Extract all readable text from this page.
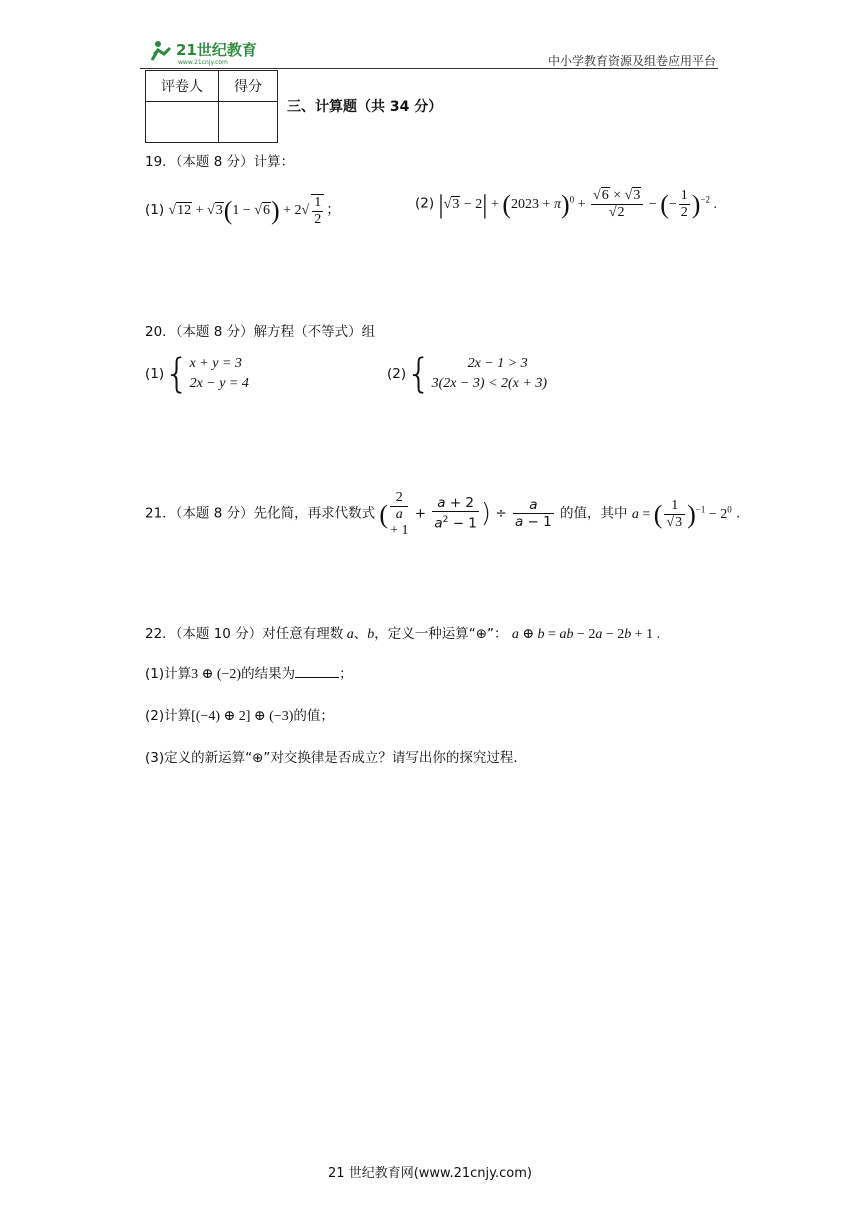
21世纪教育
www.21cnjy.com	中小学教育资源及组卷应用平台
评卷人	得分

三、计算题（共 34 分）
19．（本题 8 分）计算：
(1) $√12 + √3(1 - √6) + 2√ \frac{1}{2}$ ；	(2) $|√3 - 2| + (2023 + \pi)^0 + \frac{√6 \times √3}{√2}$ − (− $\frac{1}{2} )^{-2}$ .
20．（本题 8 分）解方程（不等式）组
(1){ x + y = 3
2x − y = 4
(2){	2x − 1 > 3
3(2x − 3) < 2(x + 3)
21．（本题 8 分）先化简，再求代数式 (
2
a
+ $1 + \frac{a + 2}{a^2 - 1}$ ) ÷ $\frac{a}{a - 1}$ 的值，其中 a = ( $\frac{1}{√3} )^{-1} - 2^0$ .
22．（本题 10 分）对任意有理数 a、b，定义一种运算“⊕”： a ⊕ b = ab − 2a − 2b + 1 .
(1)计算3 ⊕ (−2)的结果为	；
(2)计算[(−4) ⊕ 2] ⊕ (−3)的值；
(3)定义的新运算“⊕”对交换律是否成立？请写出你的探究过程.
21 世纪教育网(www.21cnjy.com)
